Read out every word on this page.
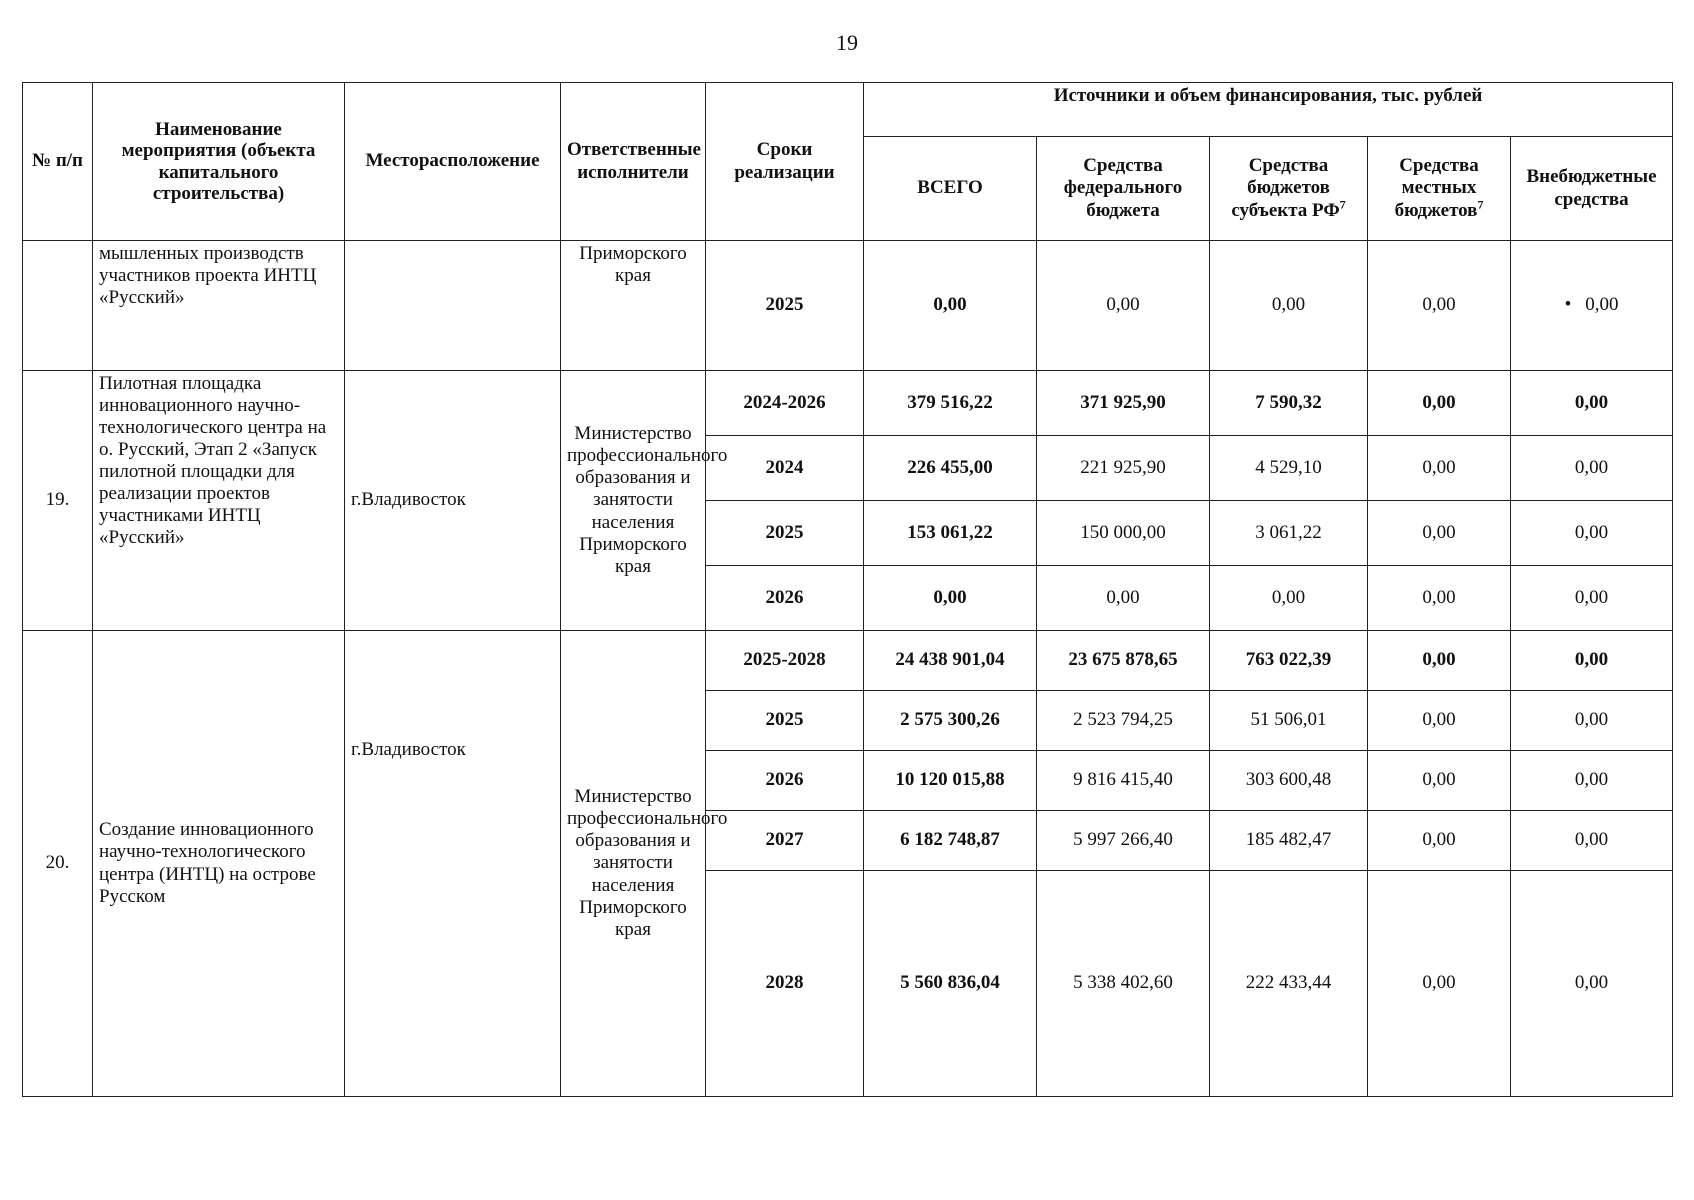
19
№ п/п	Наименование мероприятия (объекта капитального строительства)	Месторасположение	Ответственные исполнители	Сроки реализации	Источники и объем финансирования, тыс. рублей				
					ВСЕГО	Средства федерального бюджета	Средства бюджетов субъекта $РФ^7$	Средства местных бюджетов$^7$	Внебюджетные средства
	мышленных производств участников проекта ИНТЦ «Русский»		Приморского края	2025	0,00	0,00	0,00	0,00	• 0,00
19.	Пилотная площадка инновационного научно-технологического центра на о. Русский, Этап 2 «Запуск пилотной площадки для реализации проектов участниками ИНТЦ «Русский»	г.Владивосток	Министерство профессионального образования и занятости населения Приморского края	2024-2026	379 516,22	371 925,90	7 590,32	0,00	0,00
				2024	226 455,00	221 925,90	4 529,10	0,00	0,00
				2025	153 061,22	150 000,00	3 061,22	0,00	0,00
				2026	0,00	0,00	0,00	0,00	0,00
20.	Создание инновационного научно-технологического центра (ИНТЦ) на острове Русском	г.Владивосток	Министерство профессионального образования и занятости населения Приморского края	2025-2028	24 438 901,04	23 675 878,65	763 022,39	0,00	0,00
				2025	2 575 300,26	2 523 794,25	51 506,01	0,00	0,00
				2026	10 120 015,88	9 816 415,40	303 600,48	0,00	0,00
				2027	6 182 748,87	5 997 266,40	185 482,47	0,00	0,00
				2028	5 560 836,04	5 338 402,60	222 433,44	0,00	0,00
